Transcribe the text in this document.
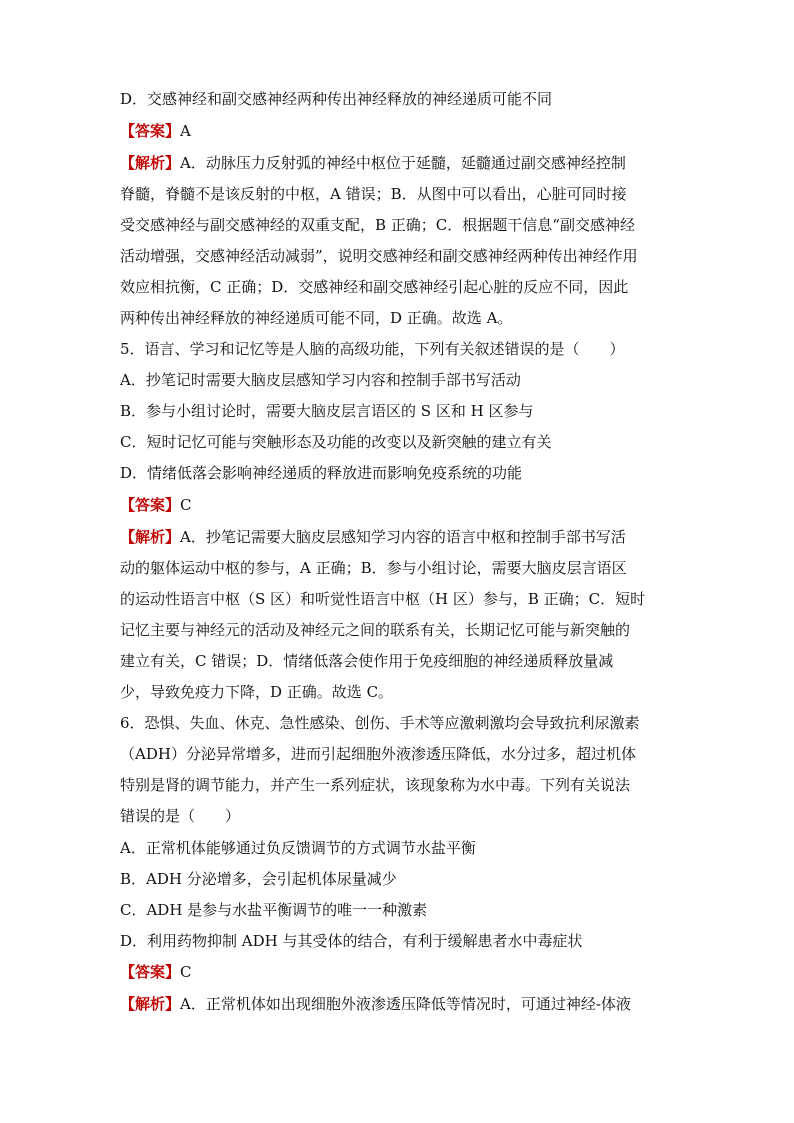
D．交感神经和副交感神经两种传出神经释放的神经递质可能不同
【答案】A
【解析】A．动脉压力反射弧的神经中枢位于延髓，延髓通过副交感神经控制
脊髓，脊髓不是该反射的中枢，A 错误；B．从图中可以看出，心脏可同时接
受交感神经与副交感神经的双重支配，B 正确；C．根据题干信息“副交感神经
活动增强，交感神经活动减弱”，说明交感神经和副交感神经两种传出神经作用
效应相抗衡，C 正确；D．交感神经和副交感神经引起心脏的反应不同，因此
两种传出神经释放的神经递质可能不同，D 正确。故选 A。
5．语言、学习和记忆等是人脑的高级功能，下列有关叙述错误的是（　　）
A．抄笔记时需要大脑皮层感知学习内容和控制手部书写活动
B．参与小组讨论时，需要大脑皮层言语区的 S 区和 H 区参与
C．短时记忆可能与突触形态及功能的改变以及新突触的建立有关
D．情绪低落会影响神经递质的释放进而影响免疫系统的功能
【答案】C
【解析】A．抄笔记需要大脑皮层感知学习内容的语言中枢和控制手部书写活
动的躯体运动中枢的参与，A 正确；B．参与小组讨论，需要大脑皮层言语区
的运动性语言中枢（S 区）和听觉性语言中枢（H 区）参与，B 正确；C．短时
记忆主要与神经元的活动及神经元之间的联系有关，长期记忆可能与新突触的
建立有关，C 错误；D．情绪低落会使作用于免疫细胞的神经递质释放量减
少，导致免疫力下降，D 正确。故选 C。
6．恐惧、失血、休克、急性感染、创伤、手术等应激刺激均会导致抗利尿激素
（ADH）分泌异常增多，进而引起细胞外液渗透压降低，水分过多，超过机体
特别是肾的调节能力，并产生一系列症状，该现象称为水中毒。下列有关说法
错误的是（　　）
A．正常机体能够通过负反馈调节的方式调节水盐平衡
B．ADH 分泌增多，会引起机体尿量减少
C．ADH 是参与水盐平衡调节的唯一一种激素
D．利用药物抑制 ADH 与其受体的结合，有利于缓解患者水中毒症状
【答案】C
【解析】A．正常机体如出现细胞外液渗透压降低等情况时，可通过神经-体液
